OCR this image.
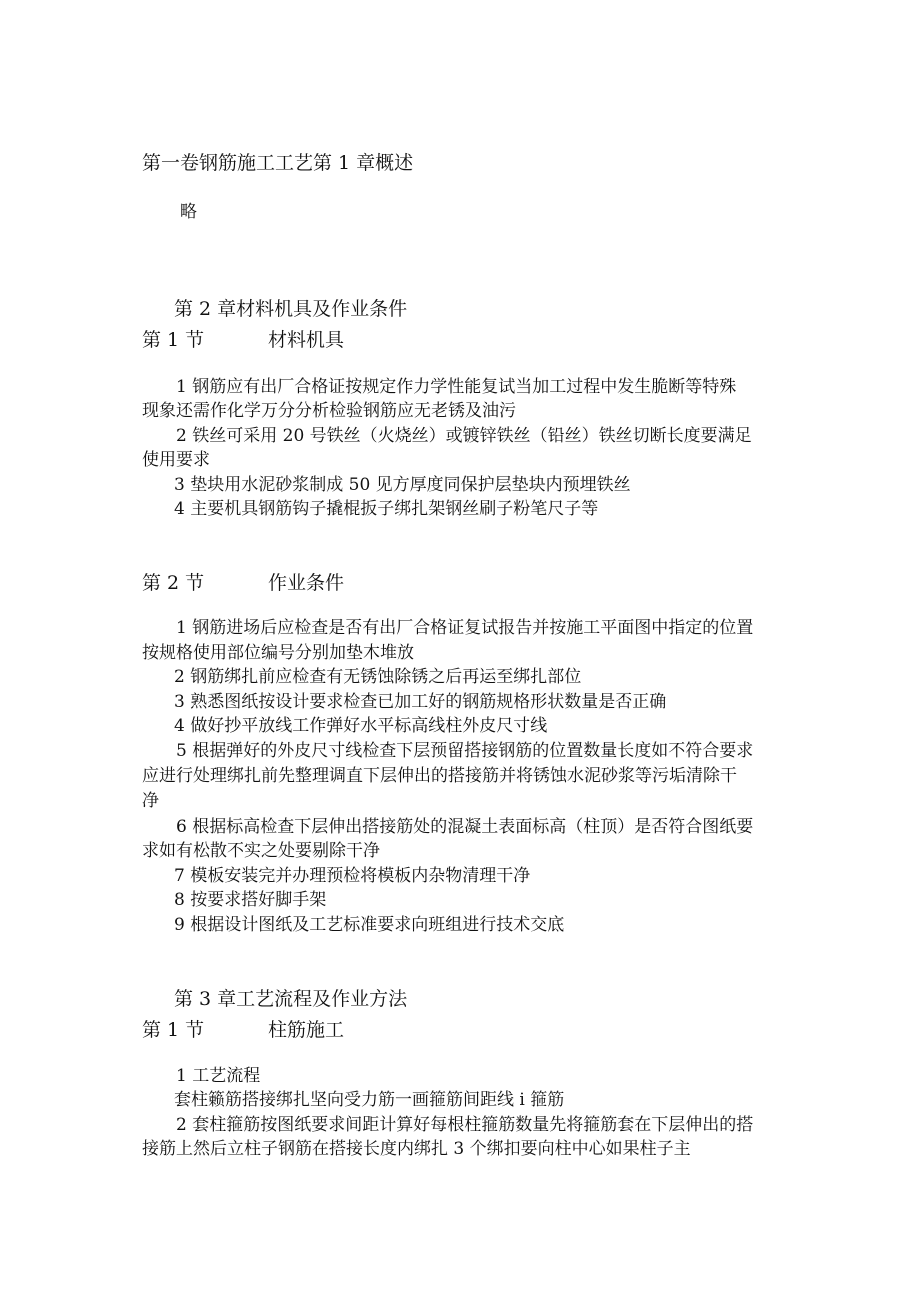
第一卷钢筋施工工艺第 1 章概述
略
第 2 章材料机具及作业条件
第 1 节	材料机具
1 钢筋应有出厂合格证按规定作力学性能复试当加工过程中发生脆断等特殊
现象还需作化学万分分析检验钢筋应无老锈及油污
2 铁丝可采用 20 号铁丝（火烧丝）或镀锌铁丝（铅丝）铁丝切断长度要满足
使用要求
3 垫块用水泥砂浆制成 50 见方厚度同保护层垫块内预埋铁丝
4 主要机具钢筋钩子撬棍扳子绑扎架钢丝刷子粉笔尺子等
第 2 节	作业条件
1 钢筋进场后应检查是否有出厂合格证复试报告并按施工平面图中指定的位置
按规格使用部位编号分别加垫木堆放
2 钢筋绑扎前应检查有无锈蚀除锈之后再运至绑扎部位
3 熟悉图纸按设计要求检查已加工好的钢筋规格形状数量是否正确
4 做好抄平放线工作弹好水平标高线柱外皮尺寸线
5 根据弹好的外皮尺寸线检查下层预留搭接钢筋的位置数量长度如不符合要求
应进行处理绑扎前先整理调直下层伸出的搭接筋并将锈蚀水泥砂浆等污垢清除干
净
6 根据标高检查下层伸出搭接筋处的混凝土表面标高（柱顶）是否符合图纸要
求如有松散不实之处要剔除干净
7 模板安装完并办理预检将模板内杂物清理干净
8 按要求搭好脚手架
9 根据设计图纸及工艺标准要求向班组进行技术交底
第 3 章工艺流程及作业方法
第 1 节	柱筋施工
1 工艺流程
套柱籁筋搭接绑扎坚向受力筋一画箍筋间距线 i 箍筋
2 套柱箍筋按图纸要求间距计算好每根柱箍筋数量先将箍筋套在下层伸出的搭
接筋上然后立柱子钢筋在搭接长度内绑扎 3 个绑扣要向柱中心如果柱子主
